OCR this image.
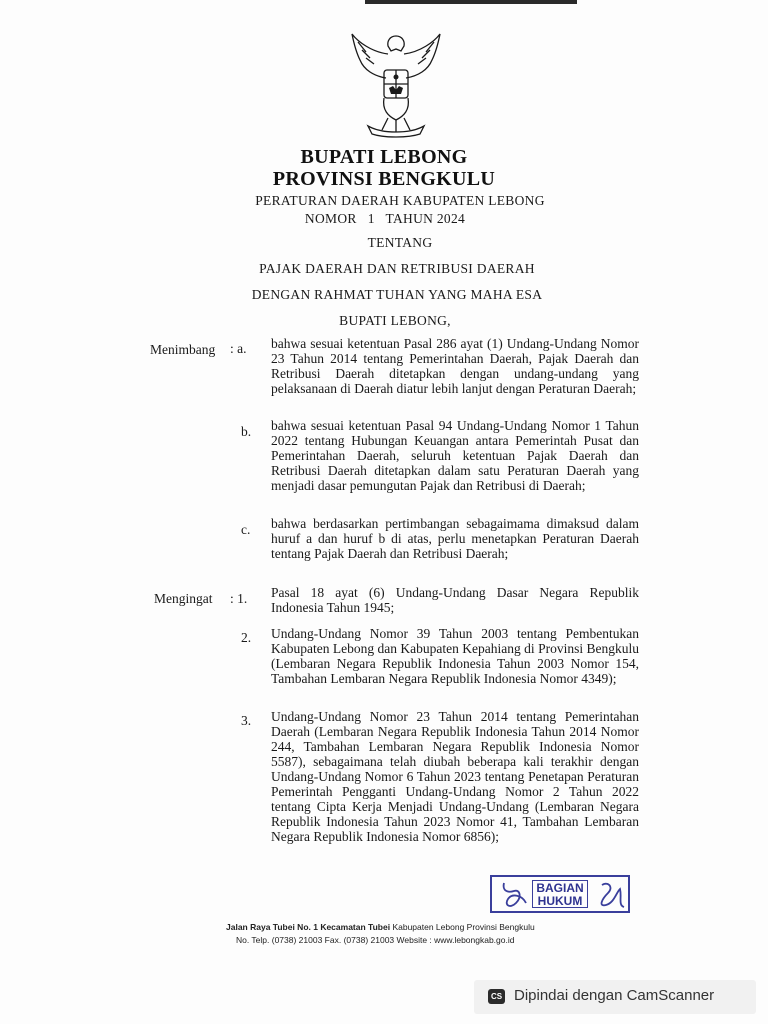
BUPATI LEBONG
PROVINSI BENGKULU
PERATURAN DAERAH KABUPATEN LEBONG
NOMOR   1   TAHUN 2024
TENTANG
PAJAK DAERAH DAN RETRIBUSI DAERAH
DENGAN RAHMAT TUHAN YANG MAHA ESA
BUPATI LEBONG,
Menimbang : a. bahwa sesuai ketentuan Pasal 286 ayat (1) Undang-Undang Nomor 23 Tahun 2014 tentang Pemerintahan Daerah, Pajak Daerah dan Retribusi Daerah ditetapkan dengan undang-undang yang pelaksanaan di Daerah diatur lebih lanjut dengan Peraturan Daerah;
b. bahwa sesuai ketentuan Pasal 94 Undang-Undang Nomor 1 Tahun 2022 tentang Hubungan Keuangan antara Pemerintah Pusat dan Pemerintahan Daerah, seluruh ketentuan Pajak Daerah dan Retribusi Daerah ditetapkan dalam satu Peraturan Daerah yang menjadi dasar pemungutan Pajak dan Retribusi di Daerah;
c. bahwa berdasarkan pertimbangan sebagaimama dimaksud dalam huruf a dan huruf b di atas, perlu menetapkan Peraturan Daerah tentang Pajak Daerah dan Retribusi Daerah;
Mengingat : 1. Pasal 18 ayat (6) Undang-Undang Dasar Negara Republik Indonesia Tahun 1945;
2. Undang-Undang Nomor 39 Tahun 2003 tentang Pembentukan Kabupaten Lebong dan Kabupaten Kepahiang di Provinsi Bengkulu (Lembaran Negara Republik Indonesia Tahun 2003 Nomor 154, Tambahan Lembaran Negara Republik Indonesia Nomor 4349);
3. Undang-Undang Nomor 23 Tahun 2014 tentang Pemerintahan Daerah (Lembaran Negara Republik Indonesia Tahun 2014 Nomor 244, Tambahan Lembaran Negara Republik Indonesia Nomor 5587), sebagaimana telah diubah beberapa kali terakhir dengan Undang-Undang Nomor 6 Tahun 2023 tentang Penetapan Peraturan Pemerintah Pengganti Undang-Undang Nomor 2 Tahun 2022 tentang Cipta Kerja Menjadi Undang-Undang (Lembaran Negara Republik Indonesia Tahun 2023 Nomor 41, Tambahan Lembaran Negara Republik Indonesia Nomor 6856);
BAGIAN
HUKUM
Jalan Raya Tubei No. 1 Kecamatan Tubei Kabupaten Lebong Provinsi Bengkulu
No. Telp. (0738) 21003 Fax. (0738) 21003 Website : www.lebongkab.go.id
CS Dipindai dengan CamScanner
